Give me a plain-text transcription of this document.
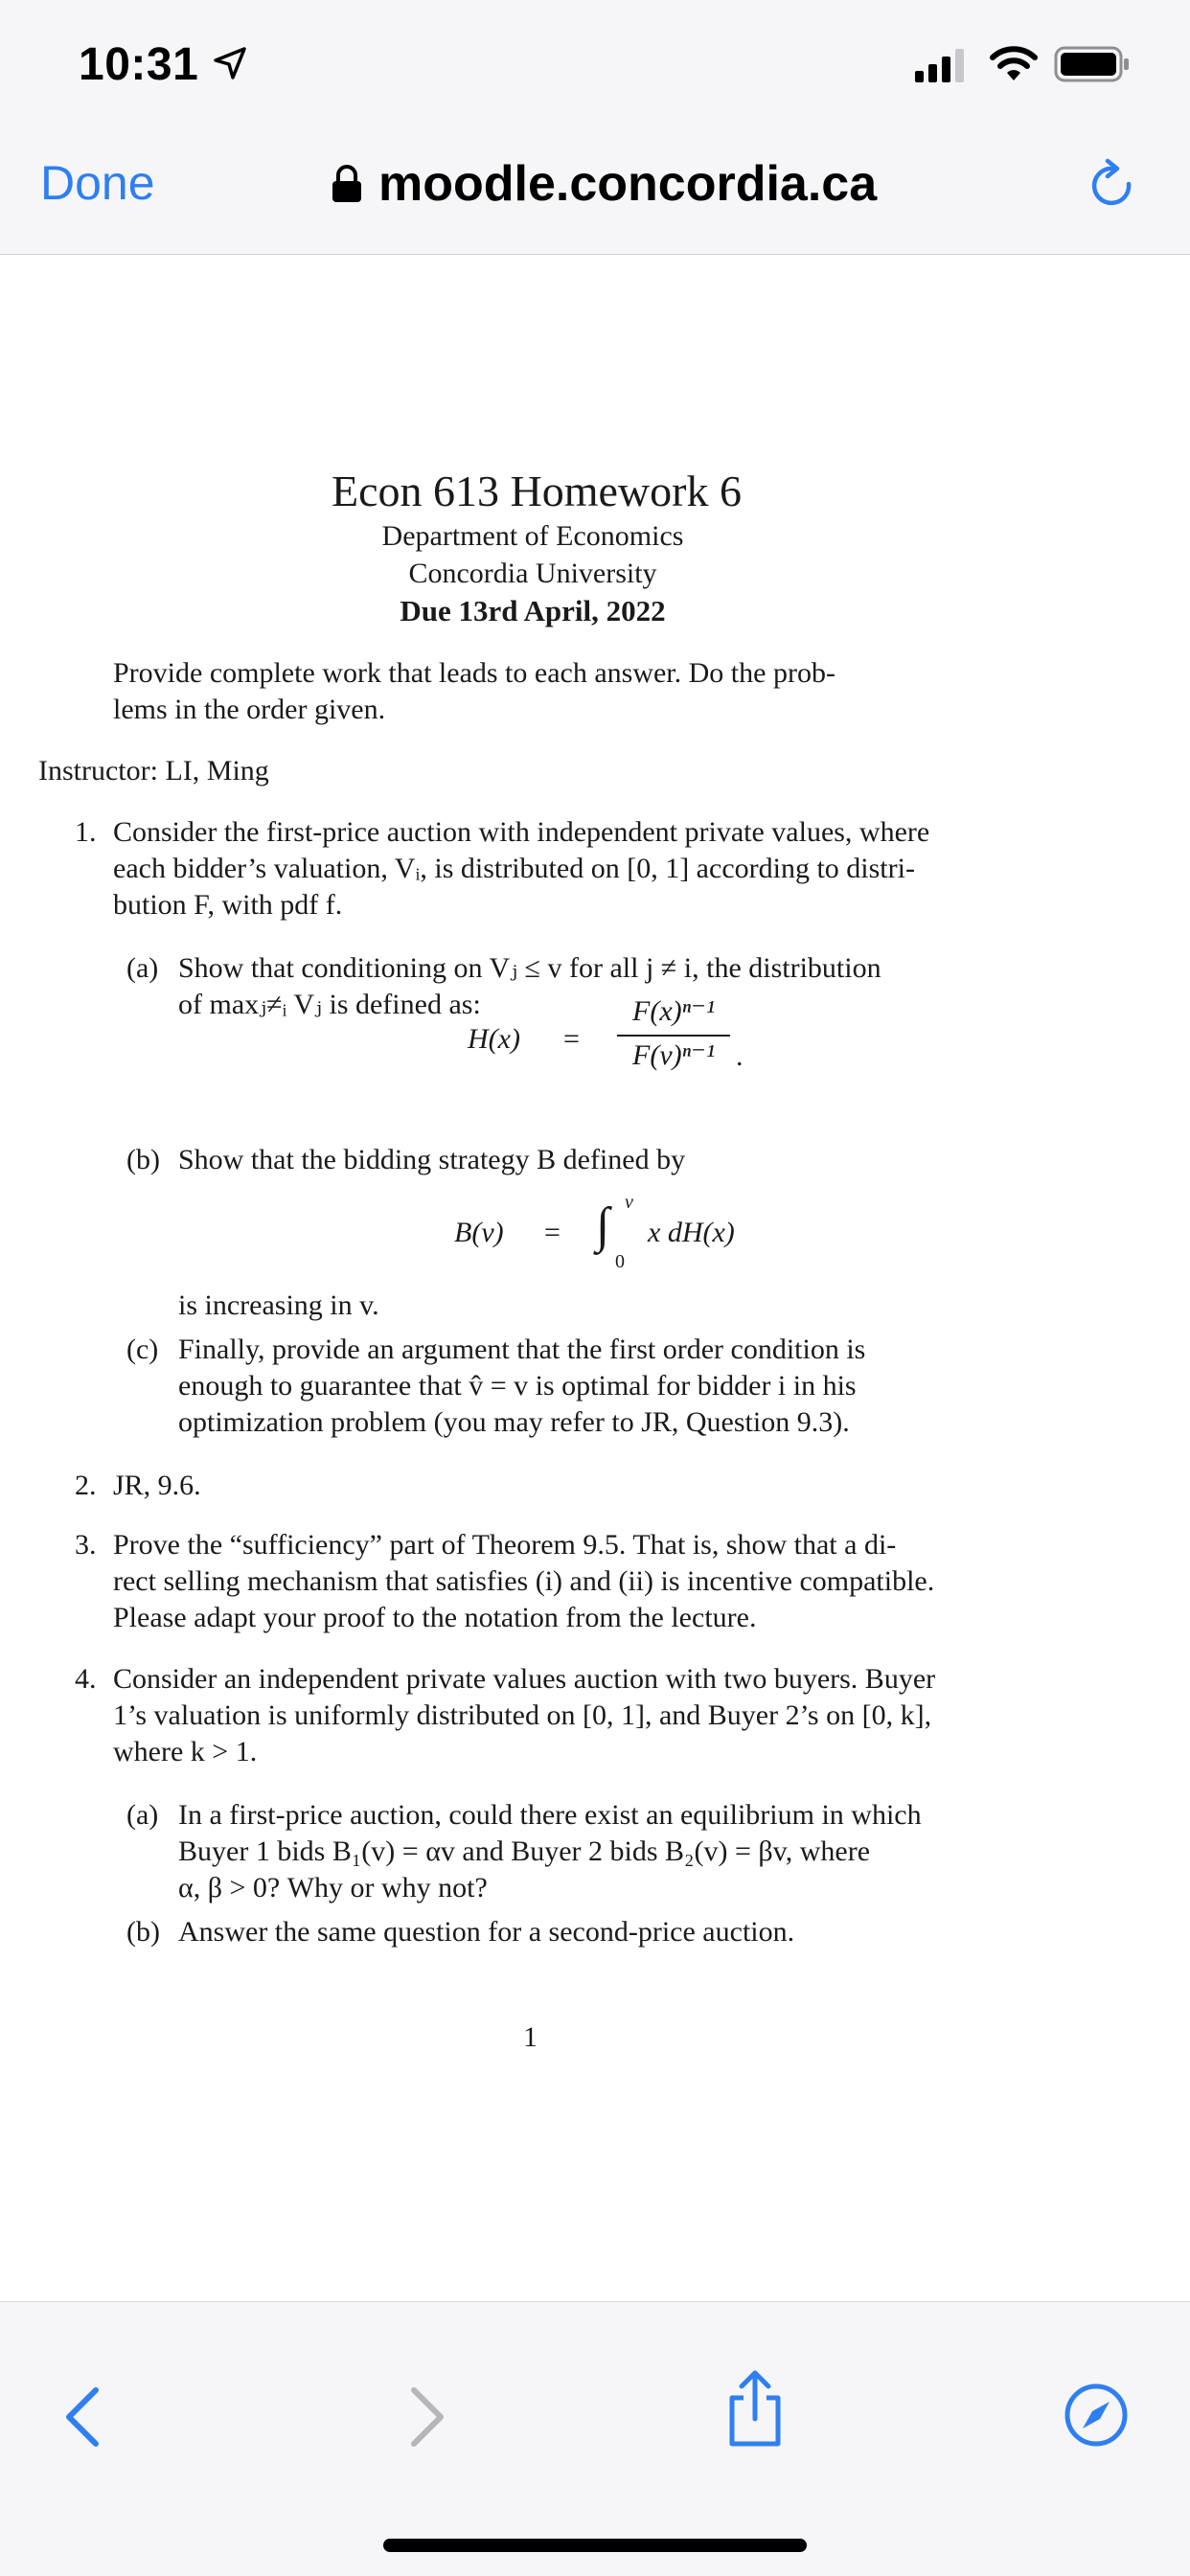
10:31
Done	moodle.concordia.ca
Econ 613 Homework 6
Department of Economics
Concordia University
Due 13rd April, 2022
Provide complete work that leads to each answer. Do the prob-
lems in the order given.
Instructor: LI, Ming
1. Consider the first-price auction with independent private values, where
each bidder’s valuation, Vᵢ, is distributed on [0, 1] according to distri-
bution F, with pdf f.
(a) Show that conditioning on Vⱼ ≤ v for all j ≠ i, the distribution
of maxⱼ≠ᵢ Vⱼ is defined as:
H(x) =
F(x)ⁿ⁻¹
F(v)ⁿ⁻¹ .
(b) Show that the bidding strategy B defined by
B(v) = ∫ v
0
x dH(x)
is increasing in v.
(c) Finally, provide an argument that the first order condition is
enough to guarantee that v̂ = v is optimal for bidder i in his
optimization problem (you may refer to JR, Question 9.3).
2. JR, 9.6.
3. Prove the “sufficiency” part of Theorem 9.5. That is, show that a di-
rect selling mechanism that satisfies (i) and (ii) is incentive compatible.
Please adapt your proof to the notation from the lecture.
4. Consider an independent private values auction with two buyers. Buyer
1’s valuation is uniformly distributed on [0, 1], and Buyer 2’s on [0, k],
where k > 1.
(a) In a first-price auction, could there exist an equilibrium in which
Buyer 1 bids B₁(v) = αv and Buyer 2 bids B₂(v) = βv, where
α, β > 0? Why or why not?
(b) Answer the same question for a second-price auction.
1
